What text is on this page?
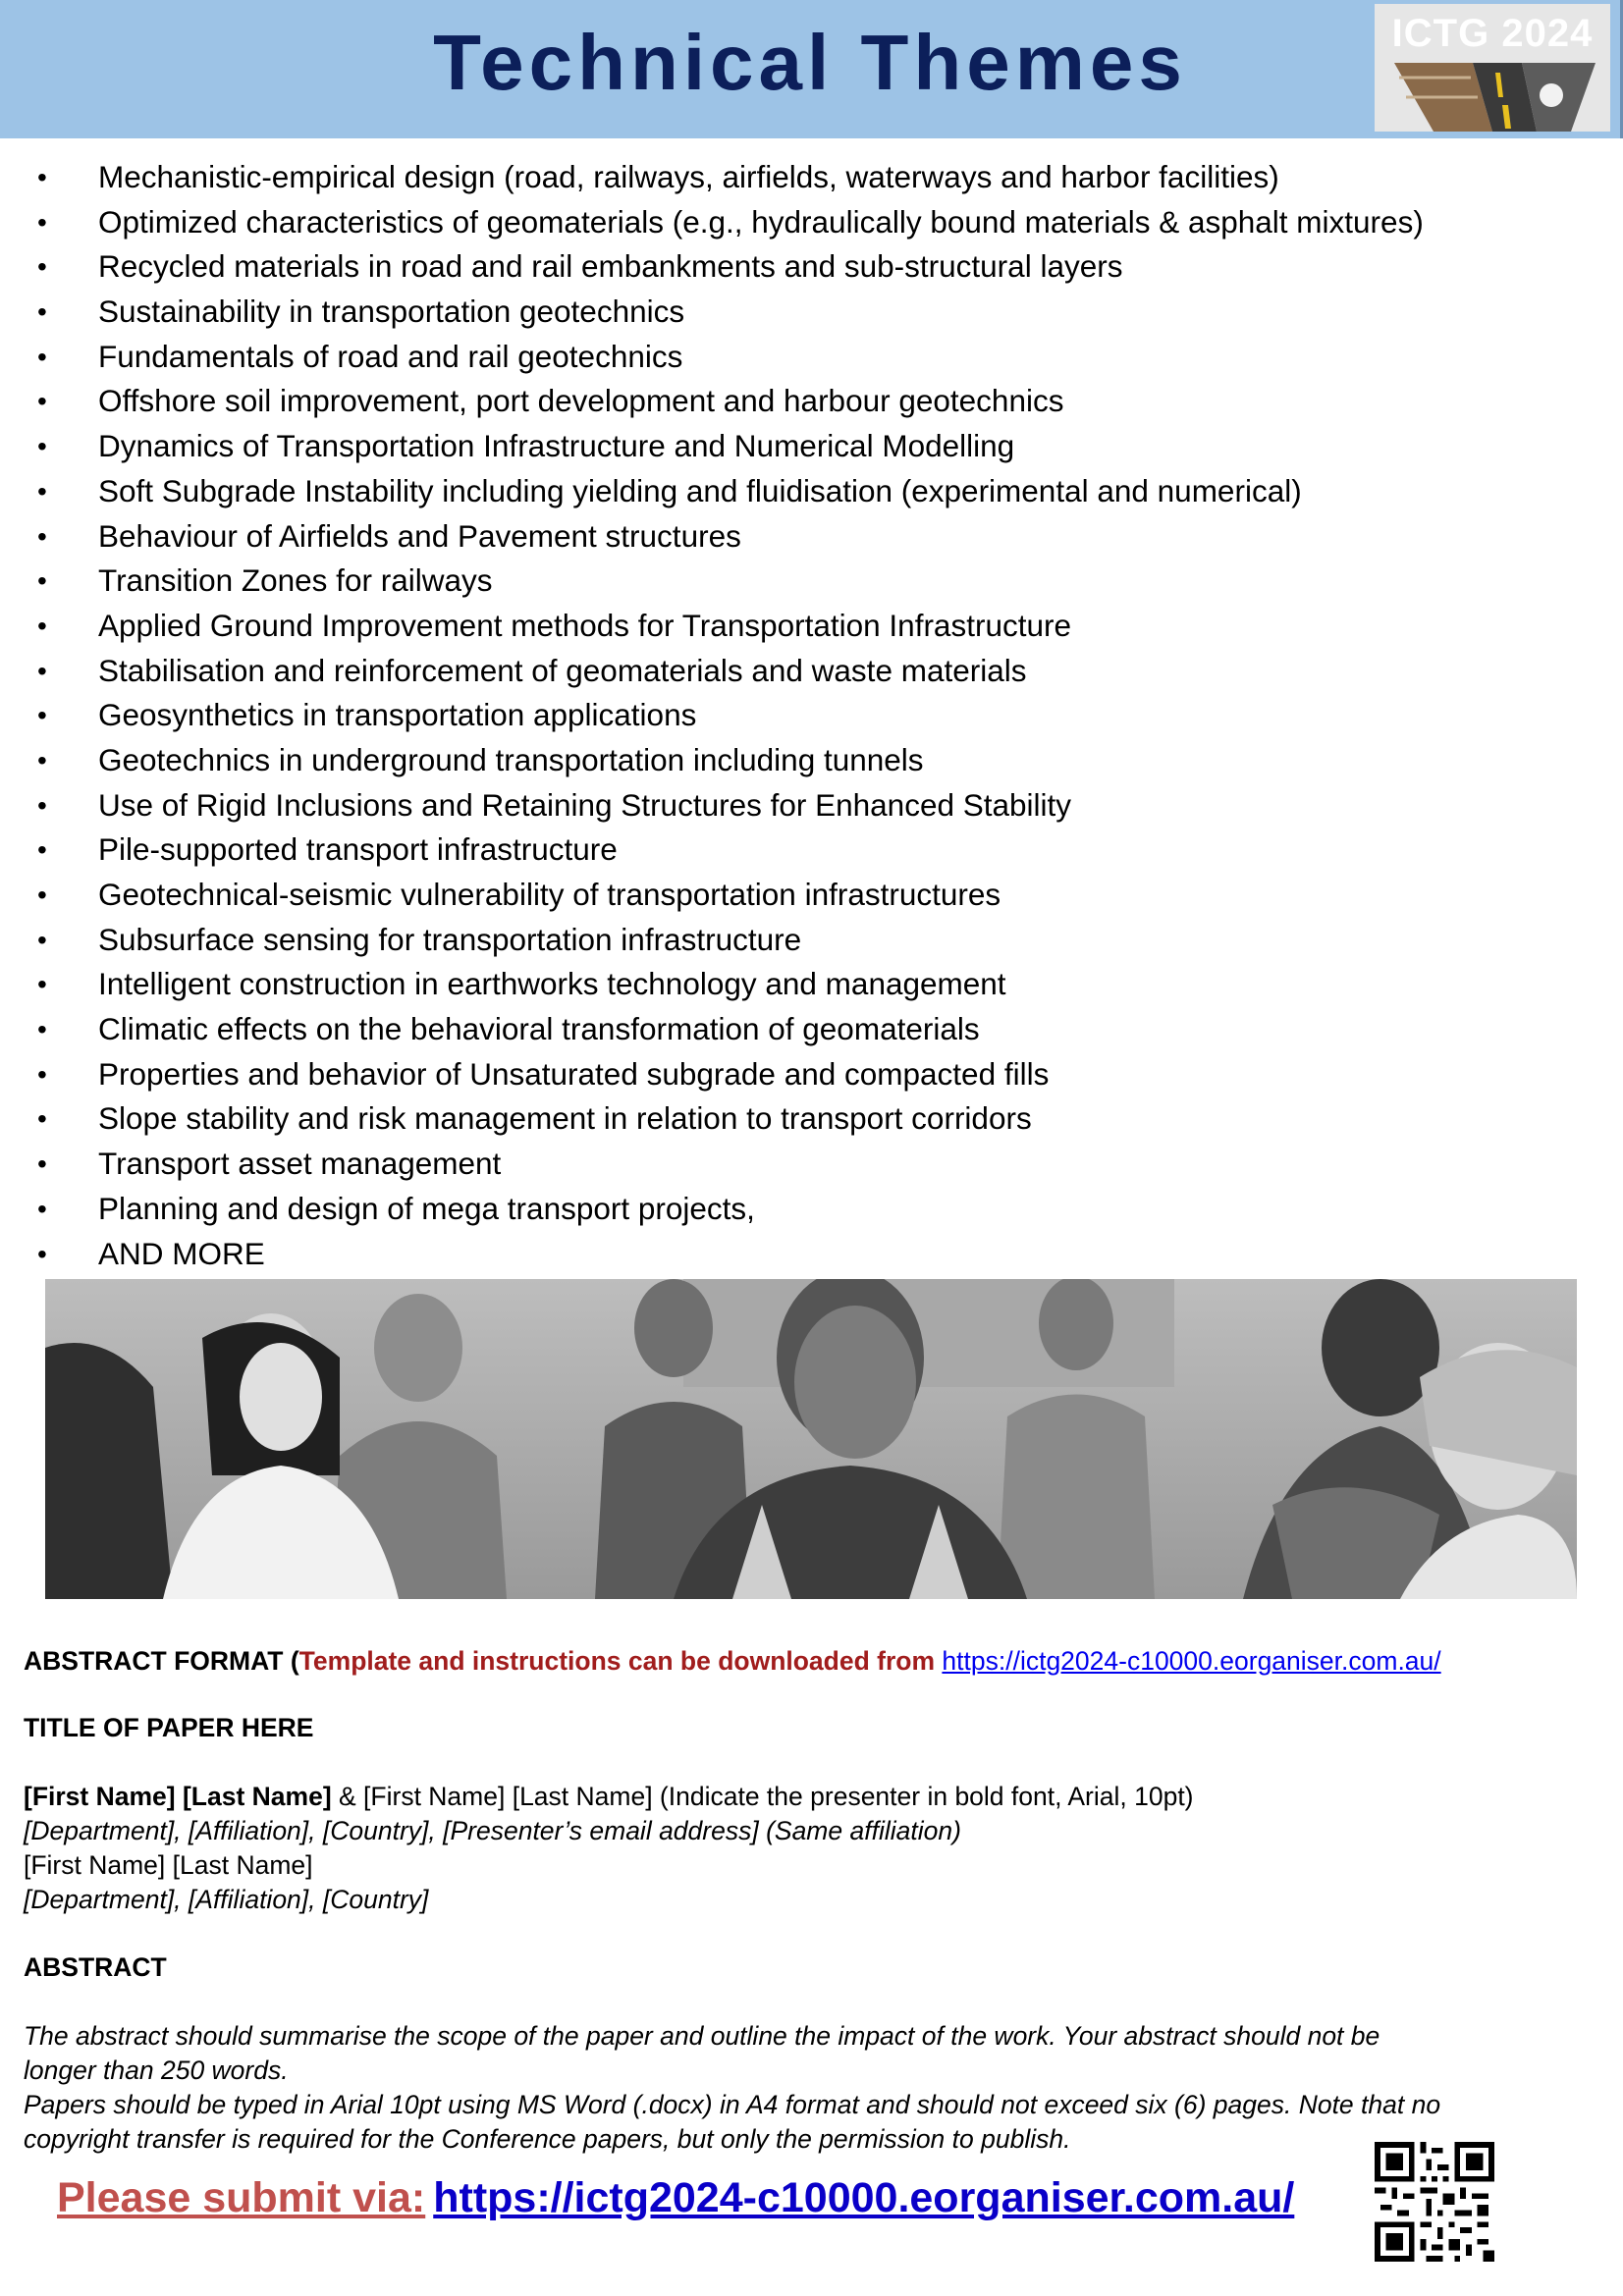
Technical Themes	ICTG 2024
• Mechanistic-empirical design (road, railways, airfields, waterways and harbor facilities)
• Optimized characteristics of geomaterials (e.g., hydraulically bound materials & asphalt mixtures)
• Recycled materials in road and rail embankments and sub-structural layers
• Sustainability in transportation geotechnics
• Fundamentals of road and rail geotechnics
• Offshore soil improvement, port development and harbour geotechnics
• Dynamics of Transportation Infrastructure and Numerical Modelling
• Soft Subgrade Instability including yielding and fluidisation (experimental and numerical)
• Behaviour of Airfields and Pavement structures
• Transition Zones for railways
• Applied Ground Improvement methods for Transportation Infrastructure
• Stabilisation and reinforcement of geomaterials and waste materials
• Geosynthetics in transportation applications
• Geotechnics in underground transportation including tunnels
• Use of Rigid Inclusions and Retaining Structures for Enhanced Stability
• Pile-supported transport infrastructure
• Geotechnical-seismic vulnerability of transportation infrastructures
• Subsurface sensing for transportation infrastructure
• Intelligent construction in earthworks technology and management
• Climatic effects on the behavioral transformation of geomaterials
• Properties and behavior of Unsaturated subgrade and compacted fills
• Slope stability and risk management in relation to transport corridors
• Transport asset management
• Planning and design of mega transport projects,
• AND MORE
ABSTRACT FORMAT (Template and instructions can be downloaded from https://ictg2024-c10000.eorganiser.com.au/
TITLE OF PAPER HERE
[First Name] [Last Name] & [First Name] [Last Name] (Indicate the presenter in bold font, Arial, 10pt)
[Department], [Affiliation], [Country], [Presenter’s email address] (Same affiliation)
[First Name] [Last Name]
[Department], [Affiliation], [Country]
ABSTRACT
The abstract should summarise the scope of the paper and outline the impact of the work. Your abstract should not be
longer than 250 words.
Papers should be typed in Arial 10pt using MS Word (.docx) in A4 format and should not exceed six (6) pages. Note that no
copyright transfer is required for the Conference papers, but only the permission to publish.
Please submit via: https://ictg2024-c10000.eorganiser.com.au/
